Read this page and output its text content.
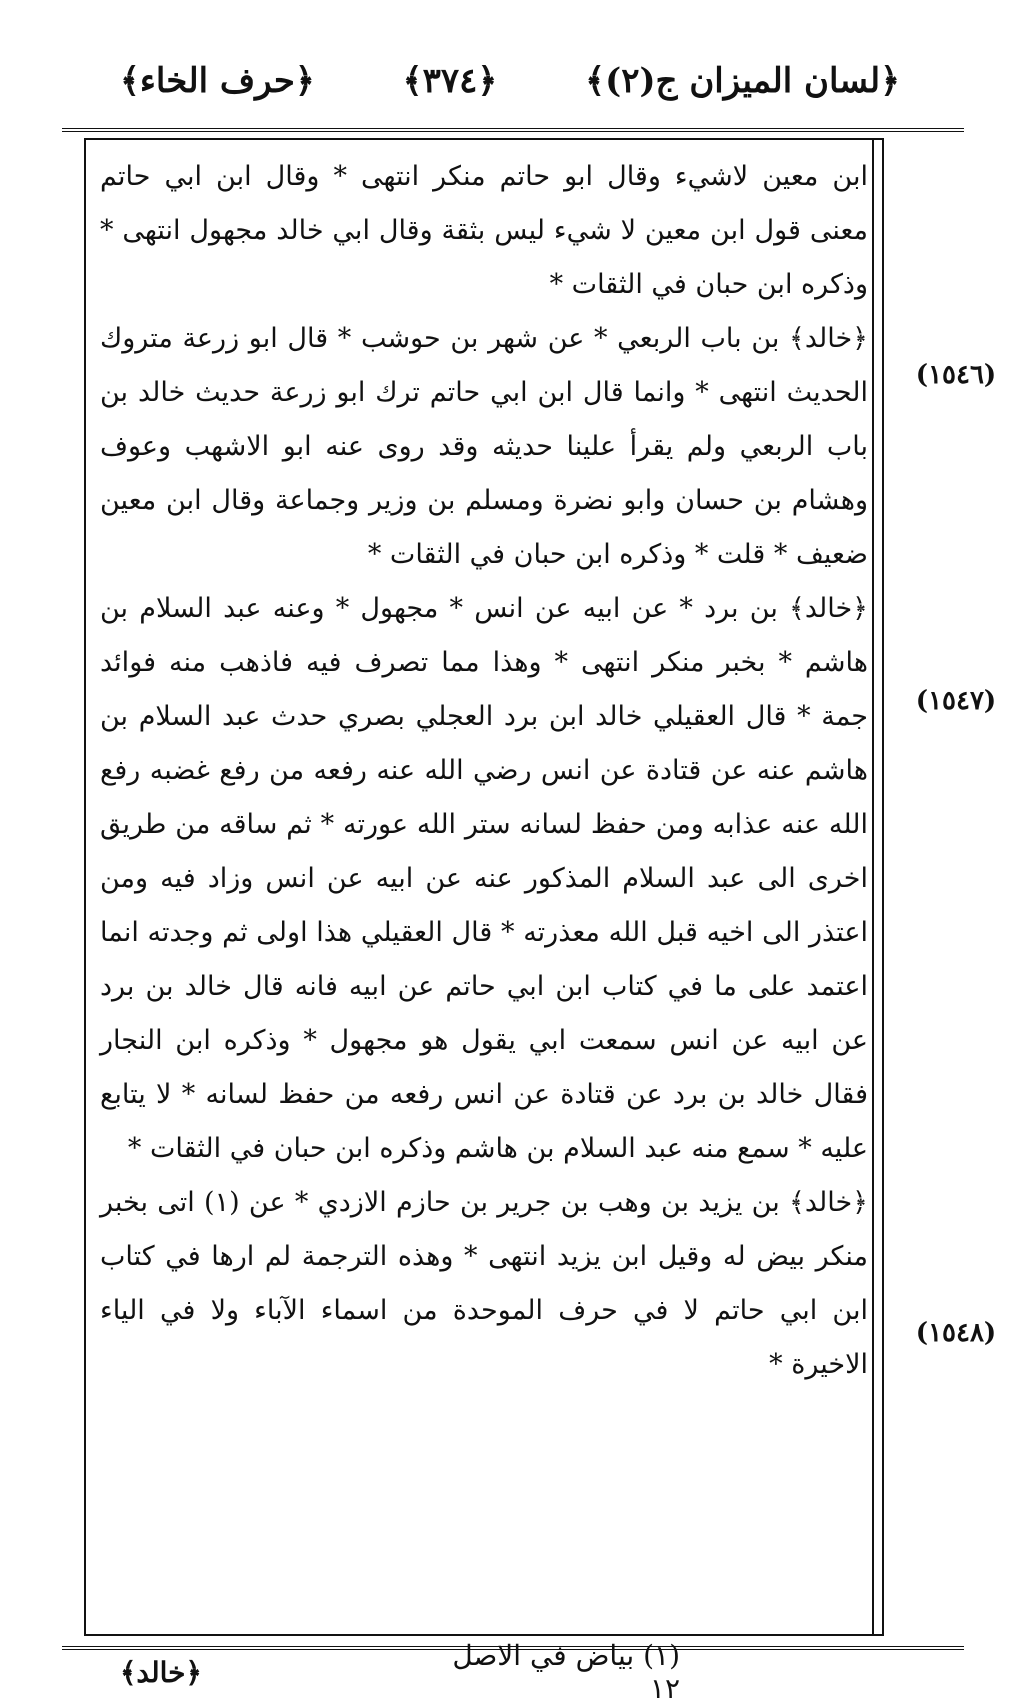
﴿لسان الميزان ج(٢)﴾
﴿٣٧٤﴾
﴿حرف الخاء﴾

ابن معين لاشيء وقال ابو حاتم منكر انتهى * وقال ابن ابي حاتم معنى قول ابن معين لا شيء ليس بثقة وقال ابي خالد مجهول انتهى * وذكره ابن حبان في الثقات *

﴿خالد﴾ بن باب الربعي * عن شهر بن حوشب * قال ابو زرعة متروك الحديث انتهى * وانما قال ابن ابي حاتم ترك ابو زرعة حديث خالد بن باب الربعي ولم يقرأ علينا حديثه وقد روى عنه ابو الاشهب وعوف وهشام بن حسان وابو نضرة ومسلم بن وزير وجماعة وقال ابن معين ضعيف * قلت * وذكره ابن حبان في الثقات *

﴿خالد﴾ بن برد * عن ابيه عن انس * مجهول * وعنه عبد السلام بن هاشم * بخبر منكر انتهى * وهذا مما تصرف فيه فاذهب منه فوائد جمة * قال العقيلي خالد ابن برد العجلي بصري حدث عبد السلام بن هاشم عنه عن قتادة عن انس رضي الله عنه رفعه من رفع غضبه رفع الله عنه عذابه ومن حفظ لسانه ستر الله عورته * ثم ساقه من طريق اخرى الى عبد السلام المذكور عنه عن ابيه عن انس وزاد فيه ومن اعتذر الى اخيه قبل الله معذرته * قال العقيلي هذا اولى ثم وجدته انما اعتمد على ما في كتاب ابن ابي حاتم عن ابيه فانه قال خالد بن برد عن ابيه عن انس سمعت ابي يقول هو مجهول * وذكره ابن النجار فقال خالد بن برد عن قتادة عن انس رفعه من حفظ لسانه * لا يتابع عليه * سمع منه عبد السلام بن هاشم وذكره ابن حبان في الثقات *

﴿خالد﴾ بن يزيد بن وهب بن جرير بن حازم الازدي * عن (١) اتى بخبر منكر بيض له وقيل ابن يزيد انتهى * وهذه الترجمة لم ارها في كتاب ابن ابي حاتم لا في حرف الموحدة من اسماء الآباء ولا في الياء الاخيرة *

(١٥٤٦)
(١٥٤٧)
(١٥٤٨)
(١) بياض في الاصل ١٢
﴿خالد﴾
